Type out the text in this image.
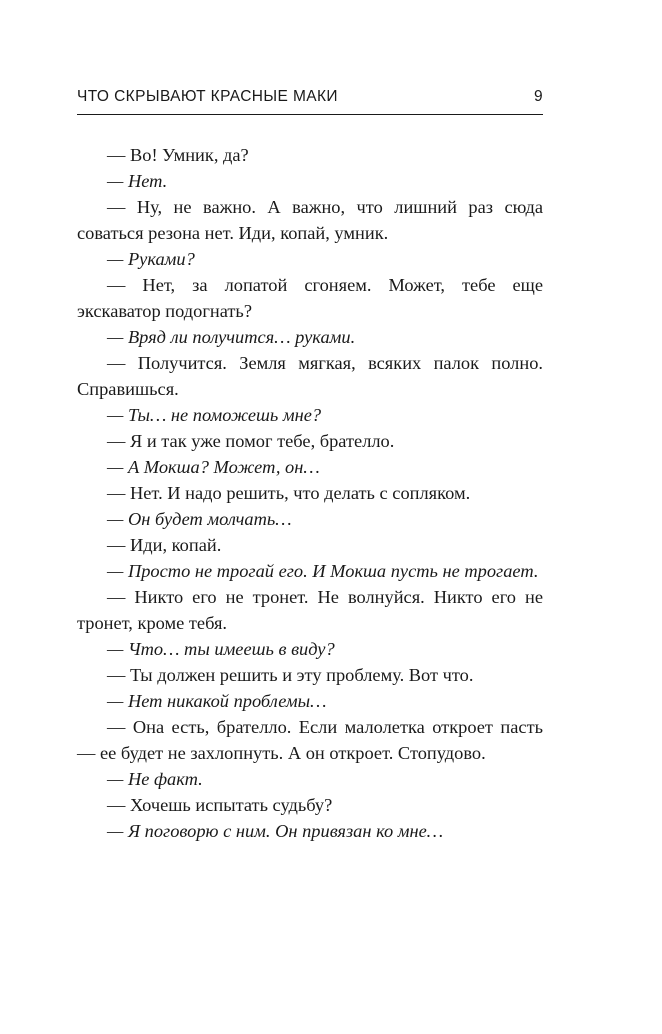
ЧТО СКРЫВАЮТ КРАСНЫЕ МАКИ	9

— Во! Умник, да?

— Нет.

— Ну, не важно. А важно, что лишний раз сюда соваться резона нет. Иди, копай, умник.

— Руками?

— Нет, за лопатой сгоняем. Может, тебе еще экскаватор подогнать?

— Вряд ли получится… руками.

— Получится. Земля мягкая, всяких палок полно. Справишься.

— Ты… не поможешь мне?

— Я и так уже помог тебе, брателло.

— А Мокша? Может, он…

— Нет. И надо решить, что делать с сопляком.

— Он будет молчать…

— Иди, копай.

— Просто не трогай его. И Мокша пусть не трогает.

— Никто его не тронет. Не волнуйся. Никто его не тронет, кроме тебя.

— Что… ты имеешь в виду?

— Ты должен решить и эту проблему. Вот что.

— Нет никакой проблемы…

— Она есть, брателло. Если малолетка откроет пасть — ее будет не захлопнуть. А он откроет. Стопудово.

— Не факт.

— Хочешь испытать судьбу?

— Я поговорю с ним. Он привязан ко мне…
